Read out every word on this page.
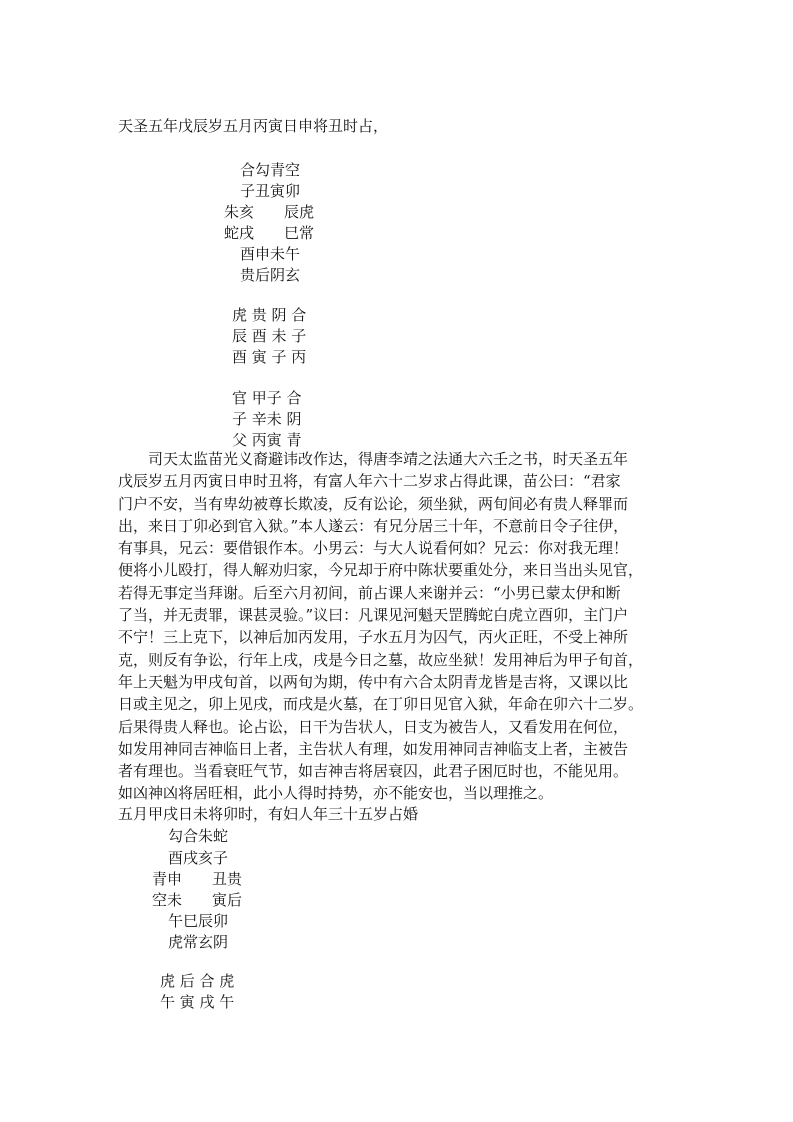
天圣五年戊辰岁五月丙寅日申将丑时占，
合勾青空
子丑寅卯
朱亥　　辰虎
蛇戌　　巳常
酉申未午
贵后阴玄
虎 贵 阴 合
辰 酉 未 子
酉 寅 子 丙
官 甲子 合
子 辛未 阴
父 丙寅 青
　　司天太监苗光义裔避讳改作达，得唐李靖之法通大六壬之书，时天圣五年
戊辰岁五月丙寅日申时丑将，有富人年六十二岁求占得此课，苗公曰：“君家
门户不安，当有卑幼被尊长欺凌，反有讼论，须坐狱，两旬间必有贵人释罪而
出，来日丁卯必到官入狱。”本人遂云：有兄分居三十年，不意前日令子往伊，
有事具，兄云：要借银作本。小男云：与大人说看何如？兄云：你对我无理！
便将小儿殴打，得人解劝归家，今兄却于府中陈状要重处分，来日当出头见官，
若得无事定当拜谢。后至六月初间，前占课人来谢并云：“小男已蒙太伊和断
了当，并无责罪，课甚灵验。”议曰：凡课见河魁天罡腾蛇白虎立酉卯，主门户
不宁！三上克下，以神后加丙发用，子水五月为囚气，丙火正旺，不受上神所
克，则反有争讼，行年上戌，戌是今日之墓，故应坐狱！发用神后为甲子旬首，
年上天魁为甲戌旬首，以两旬为期，传中有六合太阴青龙皆是吉将，又课以比
日或主见之，卯上见戌，而戌是火墓，在丁卯日见官入狱，年命在卯六十二岁。
后果得贵人释也。论占讼，日干为告状人，日支为被告人，又看发用在何位，
如发用神同吉神临日上者，主告状人有理，如发用神同吉神临支上者，主被告
者有理也。当看衰旺气节，如吉神吉将居衰囚，此君子困厄时也，不能见用。
如凶神凶将居旺相，此小人得时持势，亦不能安也，当以理推之。
五月甲戌日未将卯时，有妇人年三十五岁占婚
勾合朱蛇
酉戌亥子
青申　　丑贵
空未　　寅后
午巳辰卯
虎常玄阴
虎 后 合 虎
午 寅 戌 午
